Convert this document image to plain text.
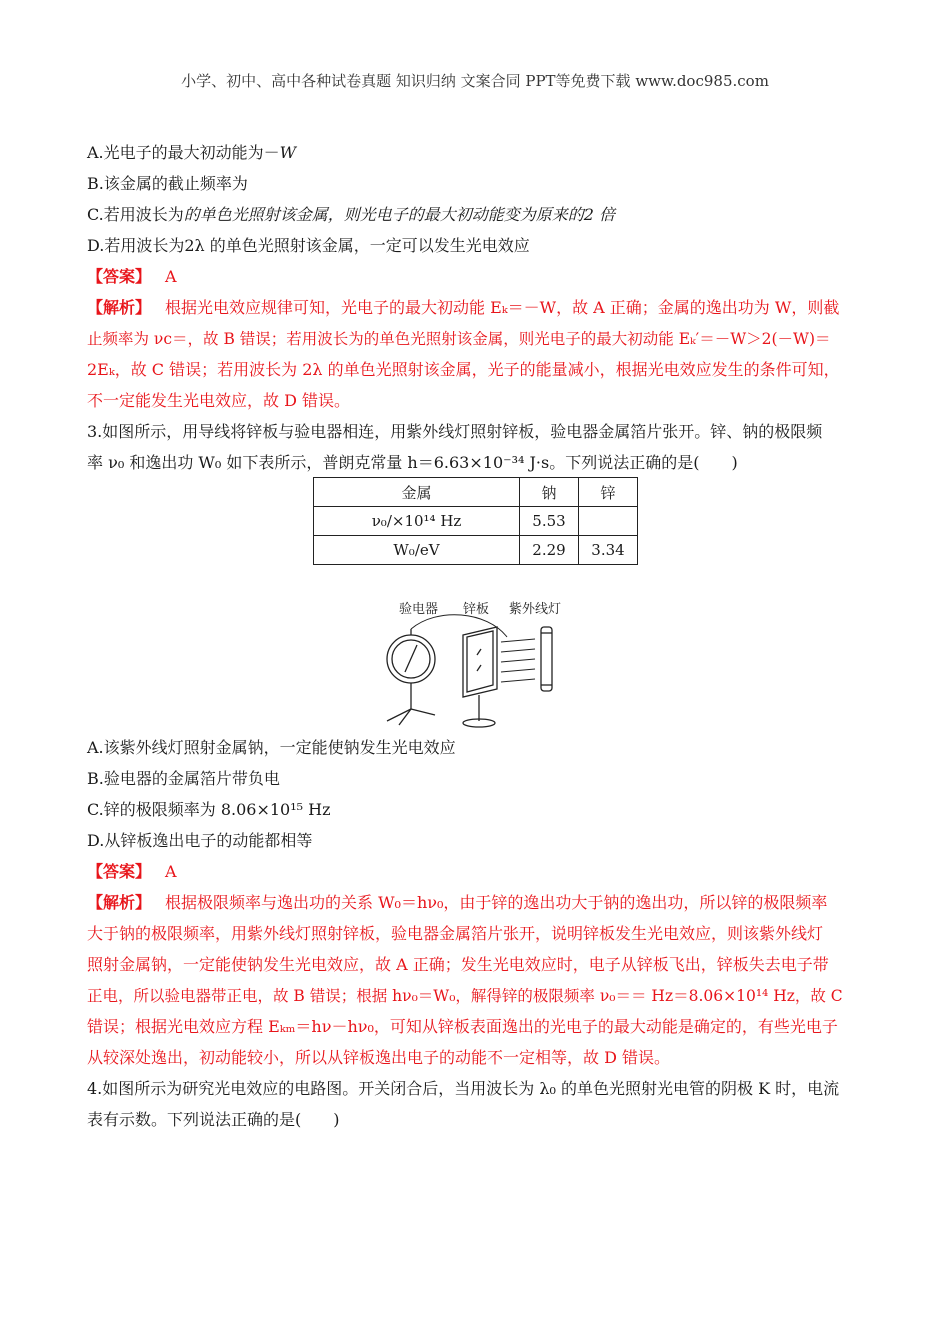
小学、初中、高中各种试卷真题 知识归纳 文案合同 PPT等免费下载 www.doc985.com
A.光电子的最大初动能为－W
B.该金属的截止频率为
C.若用波长为的单色光照射该金属，则光电子的最大初动能变为原来的2 倍
D.若用波长为2λ 的单色光照射该金属，一定可以发生光电效应
【答案】 A
【解析】 根据光电效应规律可知，光电子的最大初动能 Eₖ＝－W，故 A 正确；金属的逸出功为 W，则截
止频率为 νc＝，故 B 错误；若用波长为的单色光照射该金属，则光电子的最大初动能 Eₖ′＝－W＞2(－W)＝
2Eₖ，故 C 错误；若用波长为 2λ 的单色光照射该金属，光子的能量减小，根据光电效应发生的条件可知，
不一定能发生光电效应，故 D 错误。
3.如图所示，用导线将锌板与验电器相连，用紫外线灯照射锌板，验电器金属箔片张开。锌、钠的极限频
率 ν₀ 和逸出功 W₀ 如下表所示，普朗克常量 h＝6.63×10⁻³⁴ J·s。下列说法正确的是(　　)
金属	钠	锌
ν₀/×10¹⁴ Hz	5.53	
W₀/eV	2.29	3.34
验电器 锌板 紫外线灯
A.该紫外线灯照射金属钠，一定能使钠发生光电效应
B.验电器的金属箔片带负电
C.锌的极限频率为 8.06×10¹⁵ Hz
D.从锌板逸出电子的动能都相等
【答案】 A
【解析】 根据极限频率与逸出功的关系 W₀＝hν₀，由于锌的逸出功大于钠的逸出功，所以锌的极限频率
大于钠的极限频率，用紫外线灯照射锌板，验电器金属箔片张开，说明锌板发生光电效应，则该紫外线灯
照射金属钠，一定能使钠发生光电效应，故 A 正确；发生光电效应时，电子从锌板飞出，锌板失去电子带
正电，所以验电器带正电，故 B 错误；根据 hν₀＝W₀，解得锌的极限频率 ν₀＝＝ Hz＝8.06×10¹⁴ Hz，故 C
错误；根据光电效应方程 Eₖₘ＝hν－hν₀，可知从锌板表面逸出的光电子的最大动能是确定的，有些光电子
从较深处逸出，初动能较小，所以从锌板逸出电子的动能不一定相等，故 D 错误。
4.如图所示为研究光电效应的电路图。开关闭合后，当用波长为 λ₀ 的单色光照射光电管的阴极 K 时，电流
表有示数。下列说法正确的是(　　)
